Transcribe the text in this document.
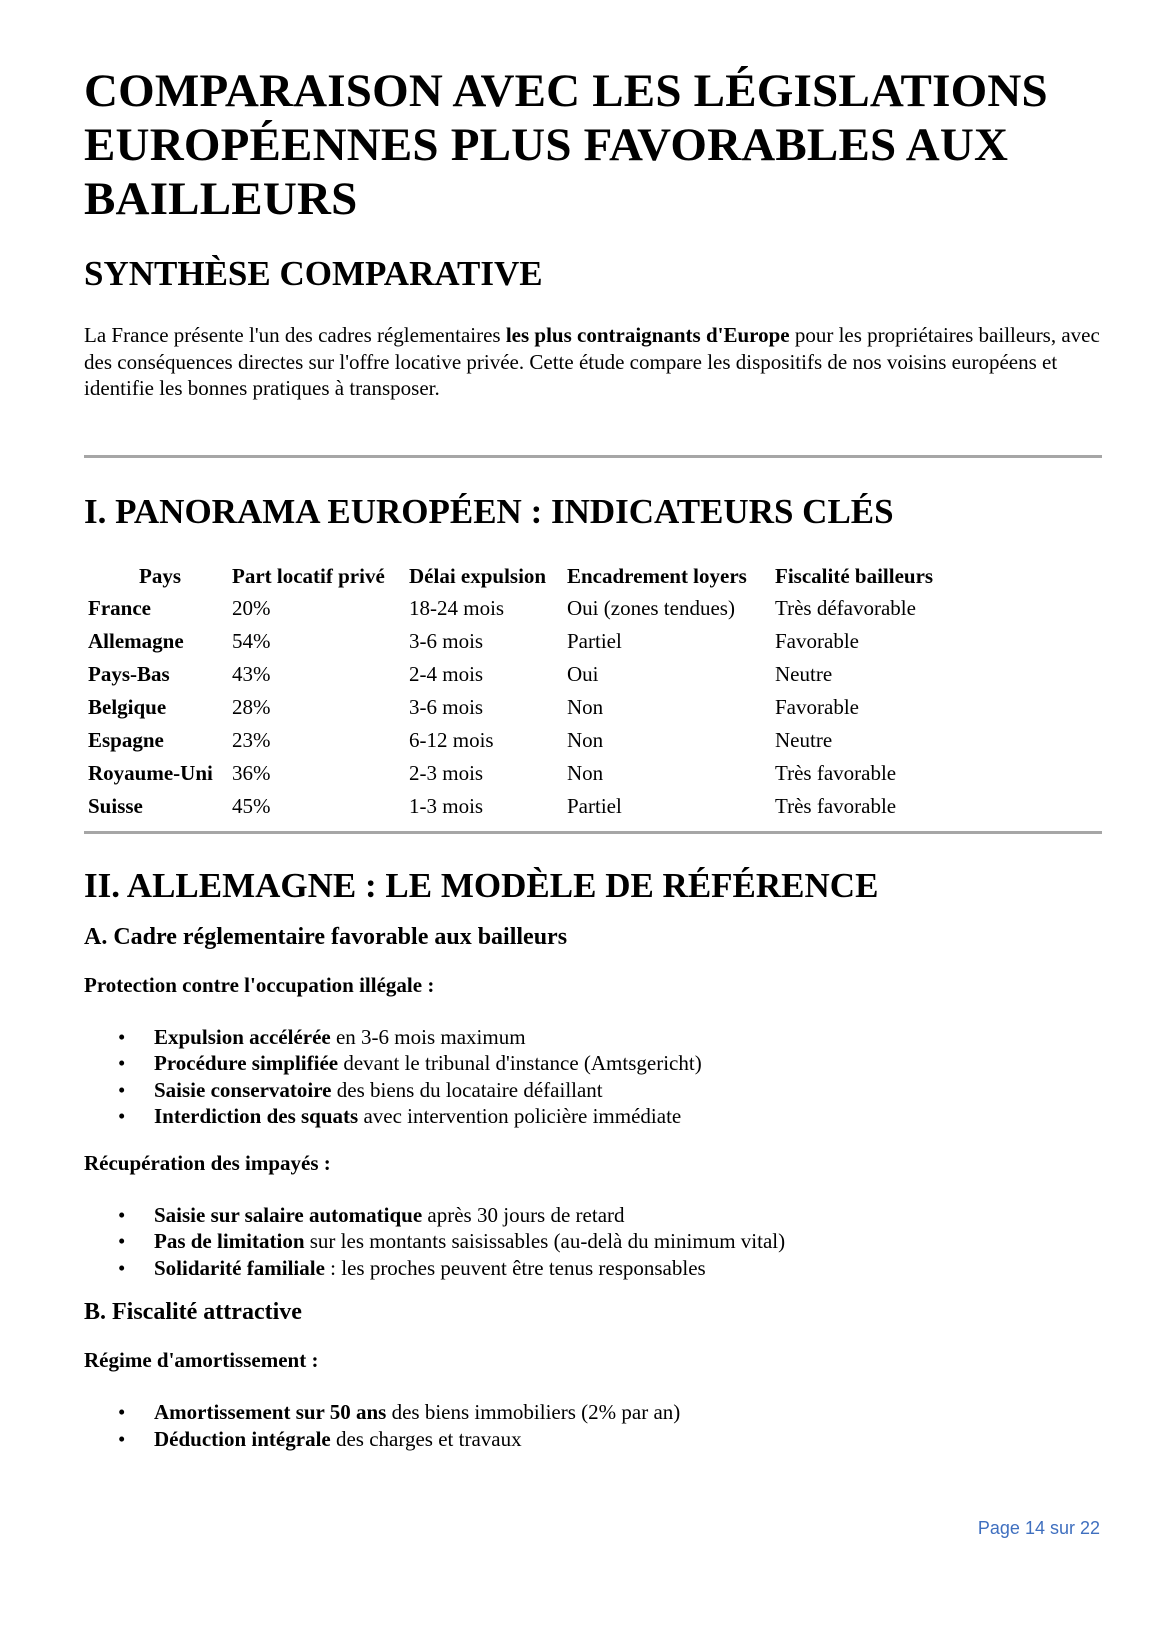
COMPARAISON AVEC LES LÉGISLATIONS EUROPÉENNES PLUS FAVORABLES AUX BAILLEURS
SYNTHÈSE COMPARATIVE

La France présente l'un des cadres réglementaires les plus contraignants d'Europe pour les propriétaires bailleurs, avec des conséquences directes sur l'offre locative privée. Cette étude compare les dispositifs de nos voisins européens et identifie les bonnes pratiques à transposer.

I. PANORAMA EUROPÉEN : INDICATEURS CLÉS
Pays	Part locatif privé	Délai expulsion	Encadrement loyers	Fiscalité bailleurs
France	20%	18-24 mois	Oui (zones tendues)	Très défavorable
Allemagne	54%	3-6 mois	Partiel	Favorable
Pays-Bas	43%	2-4 mois	Oui	Neutre
Belgique	28%	3-6 mois	Non	Favorable
Espagne	23%	6-12 mois	Non	Neutre
Royaume-Uni	36%	2-3 mois	Non	Très favorable
Suisse	45%	1-3 mois	Partiel	Très favorable
II. ALLEMAGNE : LE MODÈLE DE RÉFÉRENCE
A. Cadre réglementaire favorable aux bailleurs
Protection contre l'occupation illégale :
• Expulsion accélérée en 3-6 mois maximum
• Procédure simplifiée devant le tribunal d'instance (Amtsgericht)
• Saisie conservatoire des biens du locataire défaillant
• Interdiction des squats avec intervention policière immédiate
Récupération des impayés :
• Saisie sur salaire automatique après 30 jours de retard
• Pas de limitation sur les montants saisissables (au-delà du minimum vital)
• Solidarité familiale : les proches peuvent être tenus responsables
B. Fiscalité attractive
Régime d'amortissement :
• Amortissement sur 50 ans des biens immobiliers (2% par an)
• Déduction intégrale des charges et travaux
Page 14 sur 22
